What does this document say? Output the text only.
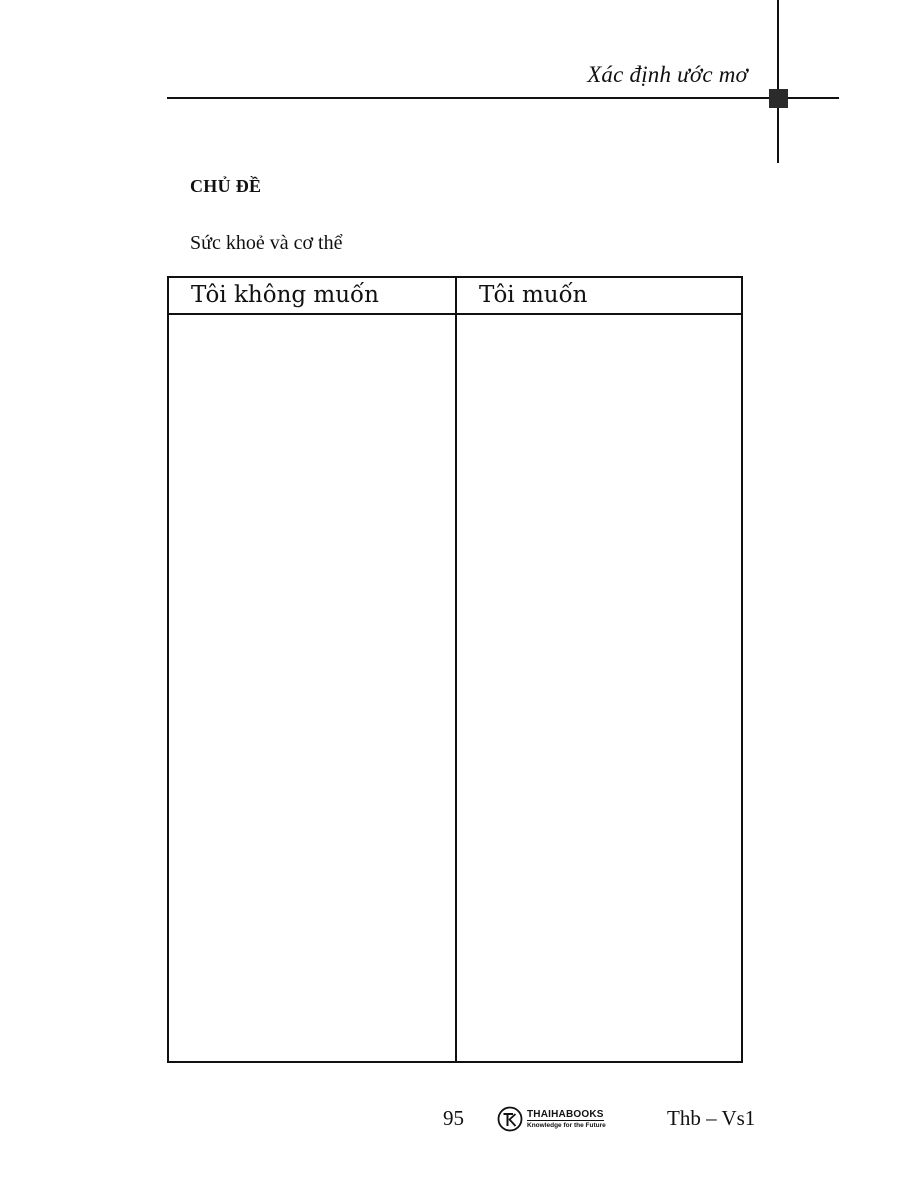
Xác định ước mơ
CHỦ ĐỀ
Sức khoẻ và cơ thể
Tôi không muốn	Tôi muốn
95	THAIHABOOKS
Knowledge for the Future	Thb – Vs1
